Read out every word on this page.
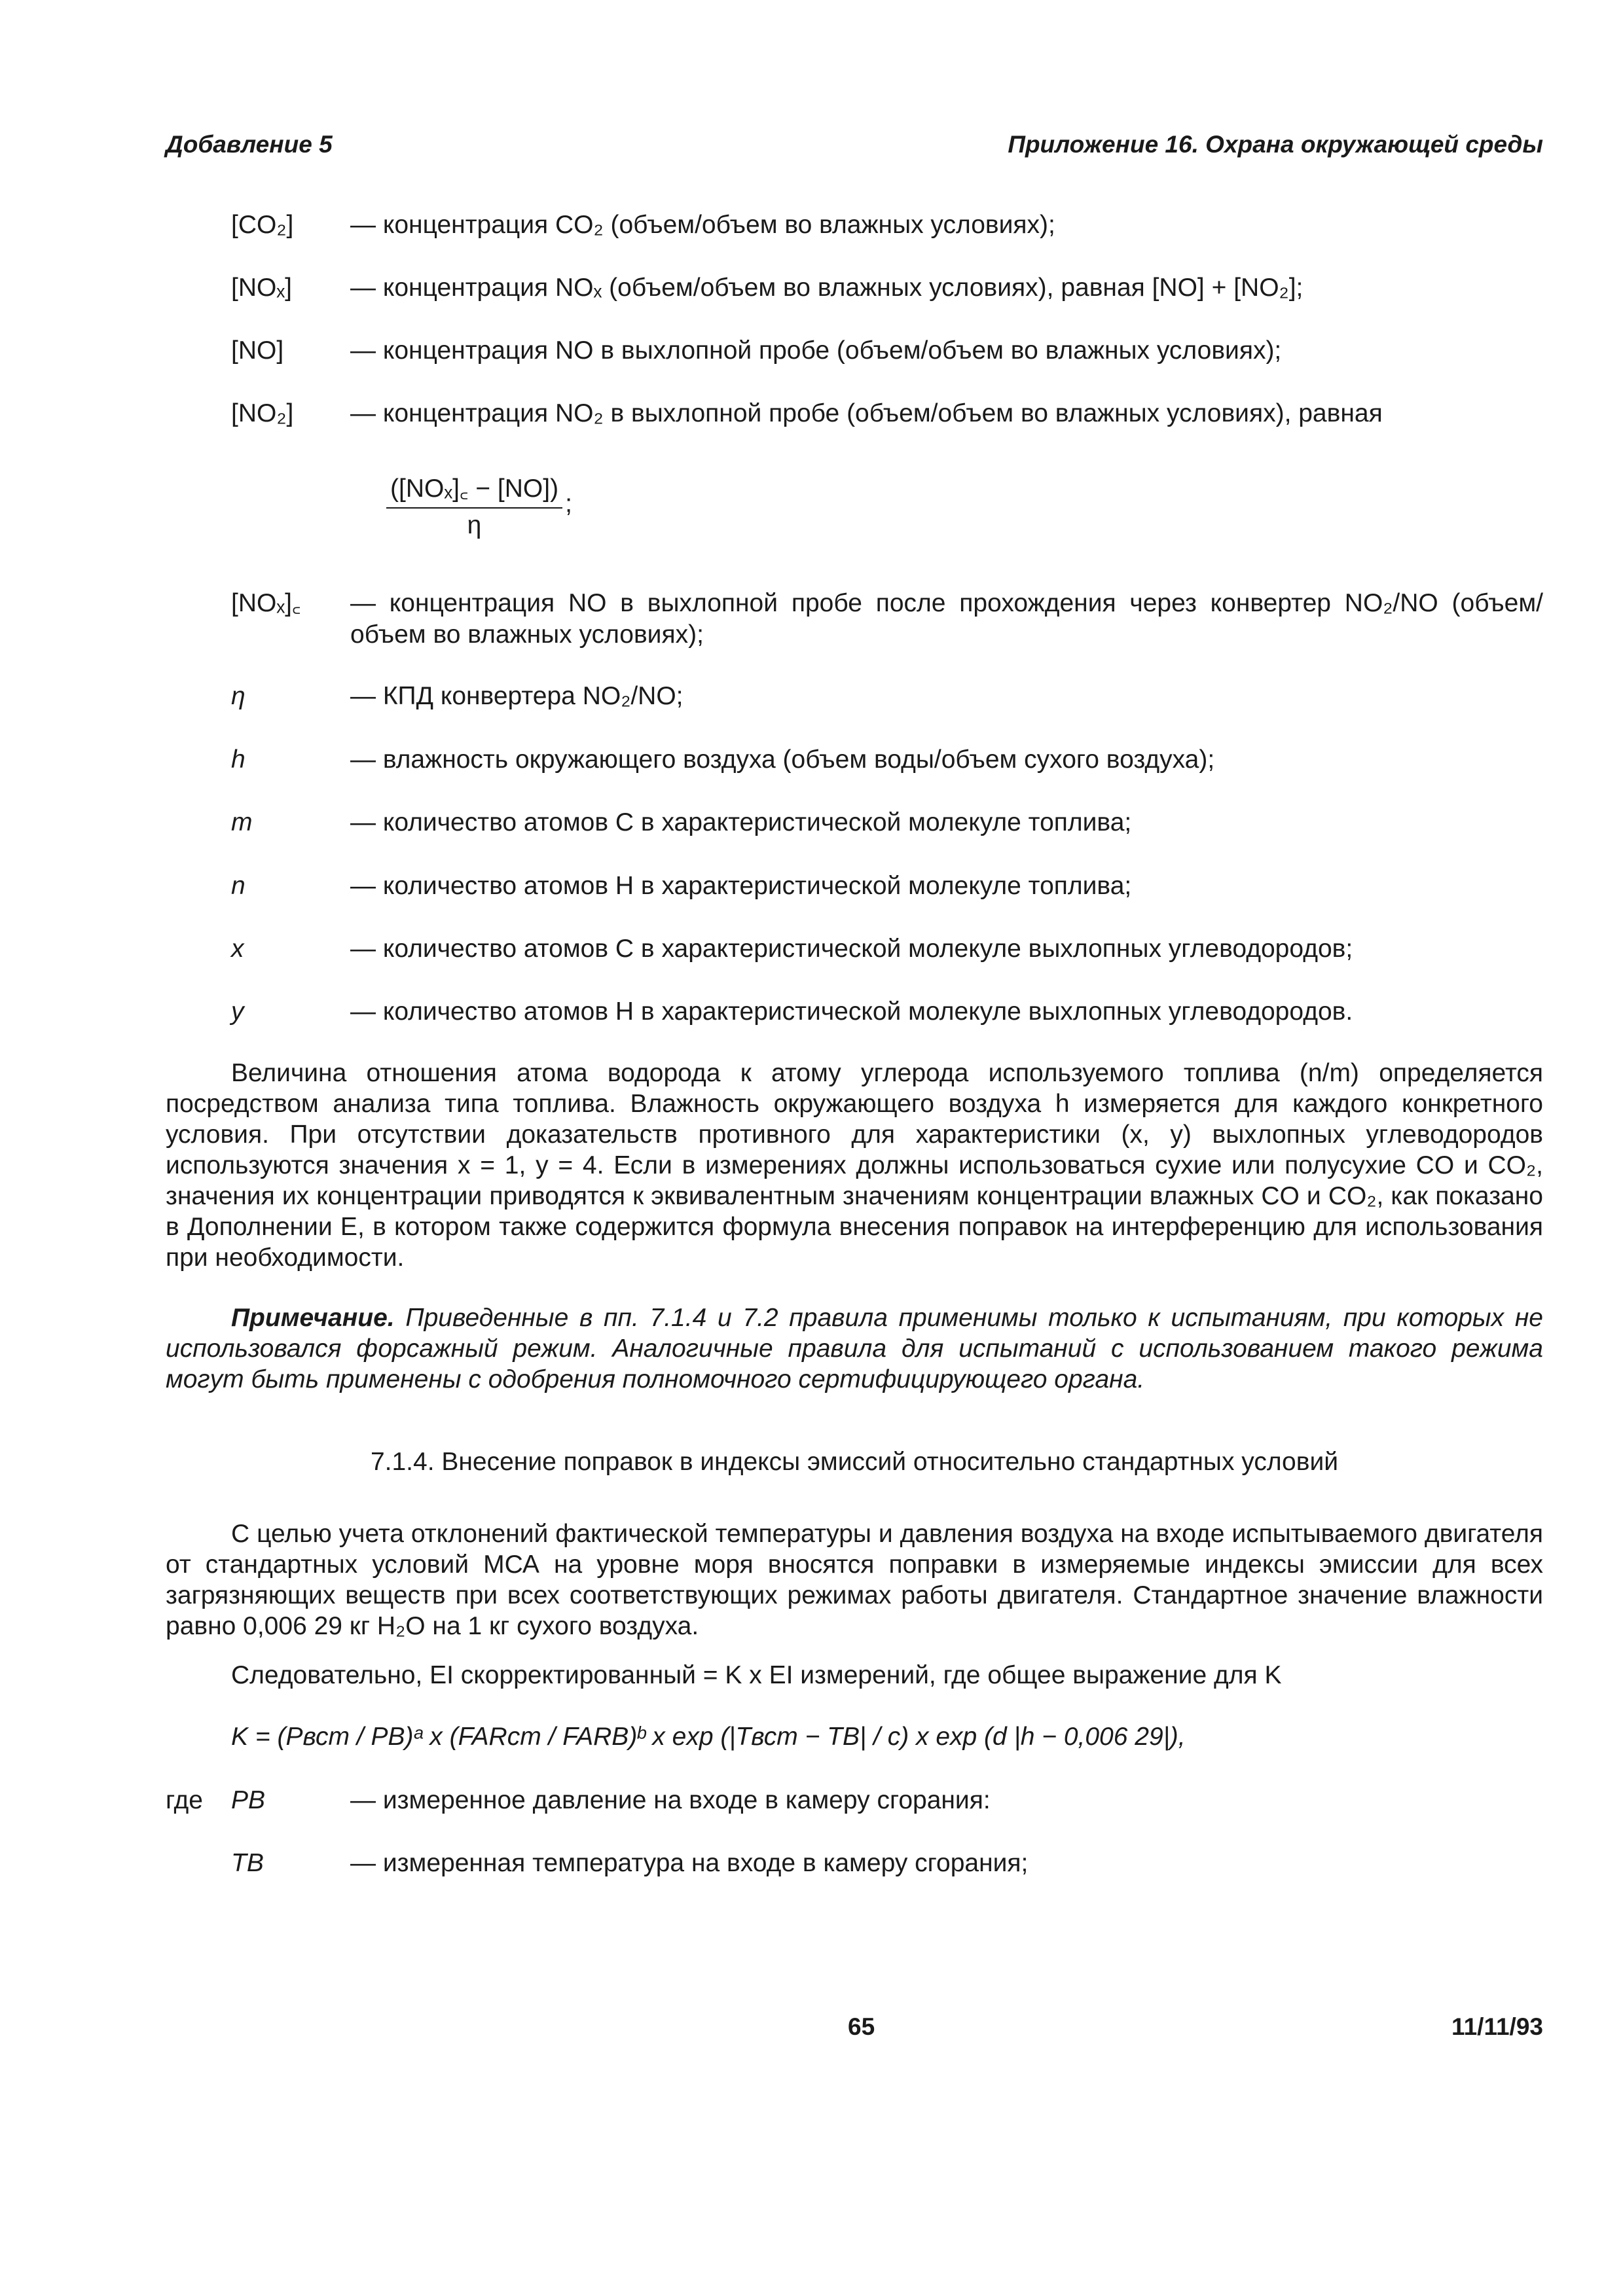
Добавление 5	Приложение 16. Охрана окружающей среды
[CO₂]	— концентрация CO₂ (объем/объем во влажных условиях);
[NOₓ]	— концентрация NOₓ (объем/объем во влажных условиях), равная [NO] + [NO₂];
[NO]	— концентрация NO в выхлопной пробе (объем/объем во влажных условиях);
[NO₂]	— концентрация NO₂ в выхлопной пробе (объем/объем во влажных условиях), равная
([NOₓ]꜀ − [NO])
η
;
[NOₓ]꜀	— концентрация NO в выхлопной пробе после прохождения через конвертер NO₂/NO (объем/объем во влажных условиях);
η	— КПД конвертера NO₂/NO;
h	— влажность окружающего воздуха (объем воды/объем сухого воздуха);
m	— количество атомов С в характеристической молекуле топлива;
n	— количество атомов Н в характеристической молекуле топлива;
x	— количество атомов С в характеристической молекуле выхлопных углеводородов;
y	— количество атомов Н в характеристической молекуле выхлопных углеводородов.
Величина отношения атома водорода к атому углерода используемого топлива (n/m) определяется посредством анализа типа топлива. Влажность окружающего воздуха h измеряется для каждого конкретного условия. При отсутствии доказательств противного для характеристики (x, y) выхлопных углеводородов используются значения x = 1, y = 4. Если в измерениях должны использоваться сухие или полусухие CO и CO₂, значения их концентрации приводятся к эквивалентным значениям концентрации влажных CO и CO₂, как показано в Дополнении E, в котором также содержится формула внесения поправок на интерференцию для использования при необходимости.
Примечание. Приведенные в пп. 7.1.4 и 7.2 правила применимы только к испытаниям, при которых не использовался форсажный режим. Аналогичные правила для испытаний с использованием такого режима могут быть применены с одобрения полномочного сертифицирующего органа.
7.1.4. Внесение поправок в индексы эмиссий относительно стандартных условий
С целью учета отклонений фактической температуры и давления воздуха на входе испытываемого двигателя от стандартных условий МСА на уровне моря вносятся поправки в измеряемые индексы эмиссии для всех загрязняющих веществ при всех соответствующих режимах работы двигателя. Стандартное значение влажности равно 0,006 29 кг H₂O на 1 кг сухого воздуха.
Следовательно, EI скорректированный = K x EI измерений, где общее выражение для K
K = (Pвст / PВ)ᵃ x (FARст / FARВ)ᵇ x exp (|Tвст − TВ| / c) x exp (d |h − 0,006 29|),
где PВ	— измеренное давление на входе в камеру сгорания:
TВ	— измеренная температура на входе в камеру сгорания;
65	11/11/93
